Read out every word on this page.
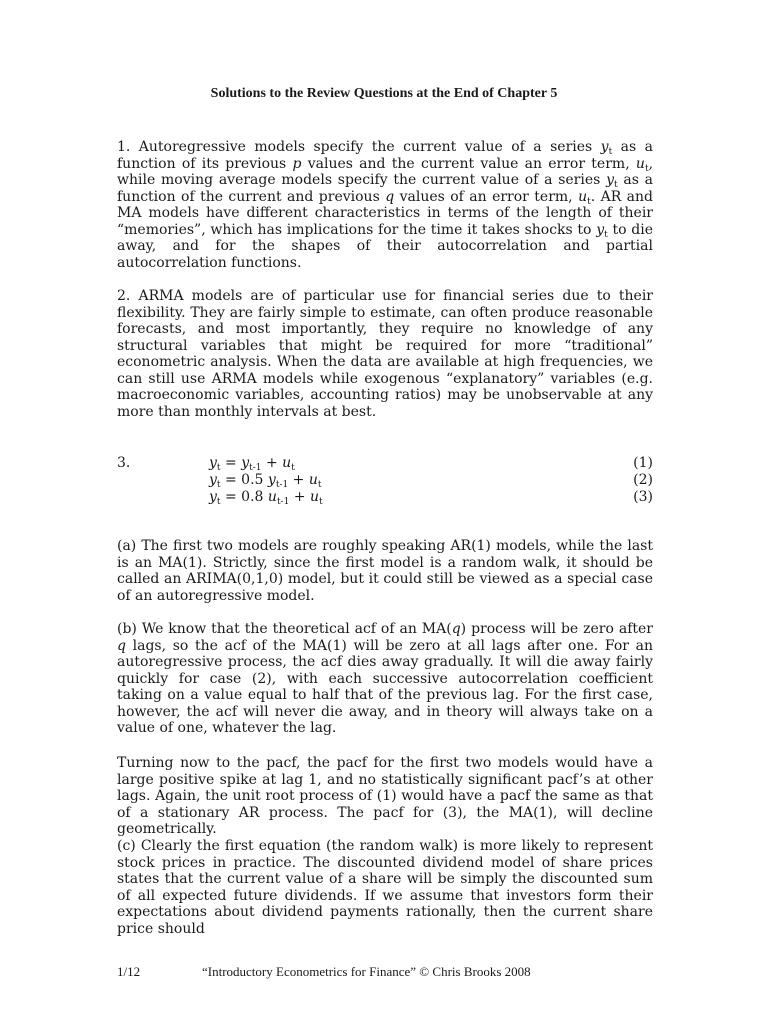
Solutions to the Review Questions at the End of Chapter 5
1. Autoregressive models specify the current value of a series $y_t$ as a function of its previous p values and the current value an error term, $u_t$, while moving average models specify the current value of a series $y_t$ as a function of the current and previous q values of an error term, $u_t$. AR and MA models have different characteristics in terms of the length of their “memories”, which has implications for the time it takes shocks to $y_t$ to die away, and for the shapes of their autocorrelation and partial autocorrelation functions.
2. ARMA models are of particular use for financial series due to their flexibility. They are fairly simple to estimate, can often produce reasonable forecasts, and most importantly, they require no knowledge of any structural variables that might be required for more “traditional” econometric analysis. When the data are available at high frequencies, we can still use ARMA models while exogenous “explanatory” variables (e.g. macroeconomic variables, accounting ratios) may be unobservable at any more than monthly intervals at best.
3.	$y_t = y_{t-1} + u_t$	(1)
$y_t = 0.5$ $y_{t-1} + u_t$	(2)
$y_t = 0.8$ $u_{t-1} + u_t$	(3)
(a) The first two models are roughly speaking AR(1) models, while the last is an MA(1). Strictly, since the first model is a random walk, it should be called an ARIMA(0,1,0) model, but it could still be viewed as a special case of an autoregressive model.
(b) We know that the theoretical acf of an MA(q) process will be zero after q lags, so the acf of the MA(1) will be zero at all lags after one. For an autoregressive process, the acf dies away gradually. It will die away fairly quickly for case (2), with each successive autocorrelation coefficient taking on a value equal to half that of the previous lag. For the first case, however, the acf will never die away, and in theory will always take on a value of one, whatever the lag.
Turning now to the pacf, the pacf for the first two models would have a large positive spike at lag 1, and no statistically significant pacf’s at other lags. Again, the unit root process of (1) would have a pacf the same as that of a stationary AR process. The pacf for (3), the MA(1), will decline geometrically.
(c) Clearly the first equation (the random walk) is more likely to represent stock prices in practice. The discounted dividend model of share prices states that the current value of a share will be simply the discounted sum of all expected future dividends. If we assume that investors form their expectations about dividend payments rationally, then the current share price should
1/12	“Introductory Econometrics for Finance” © Chris Brooks 2008
